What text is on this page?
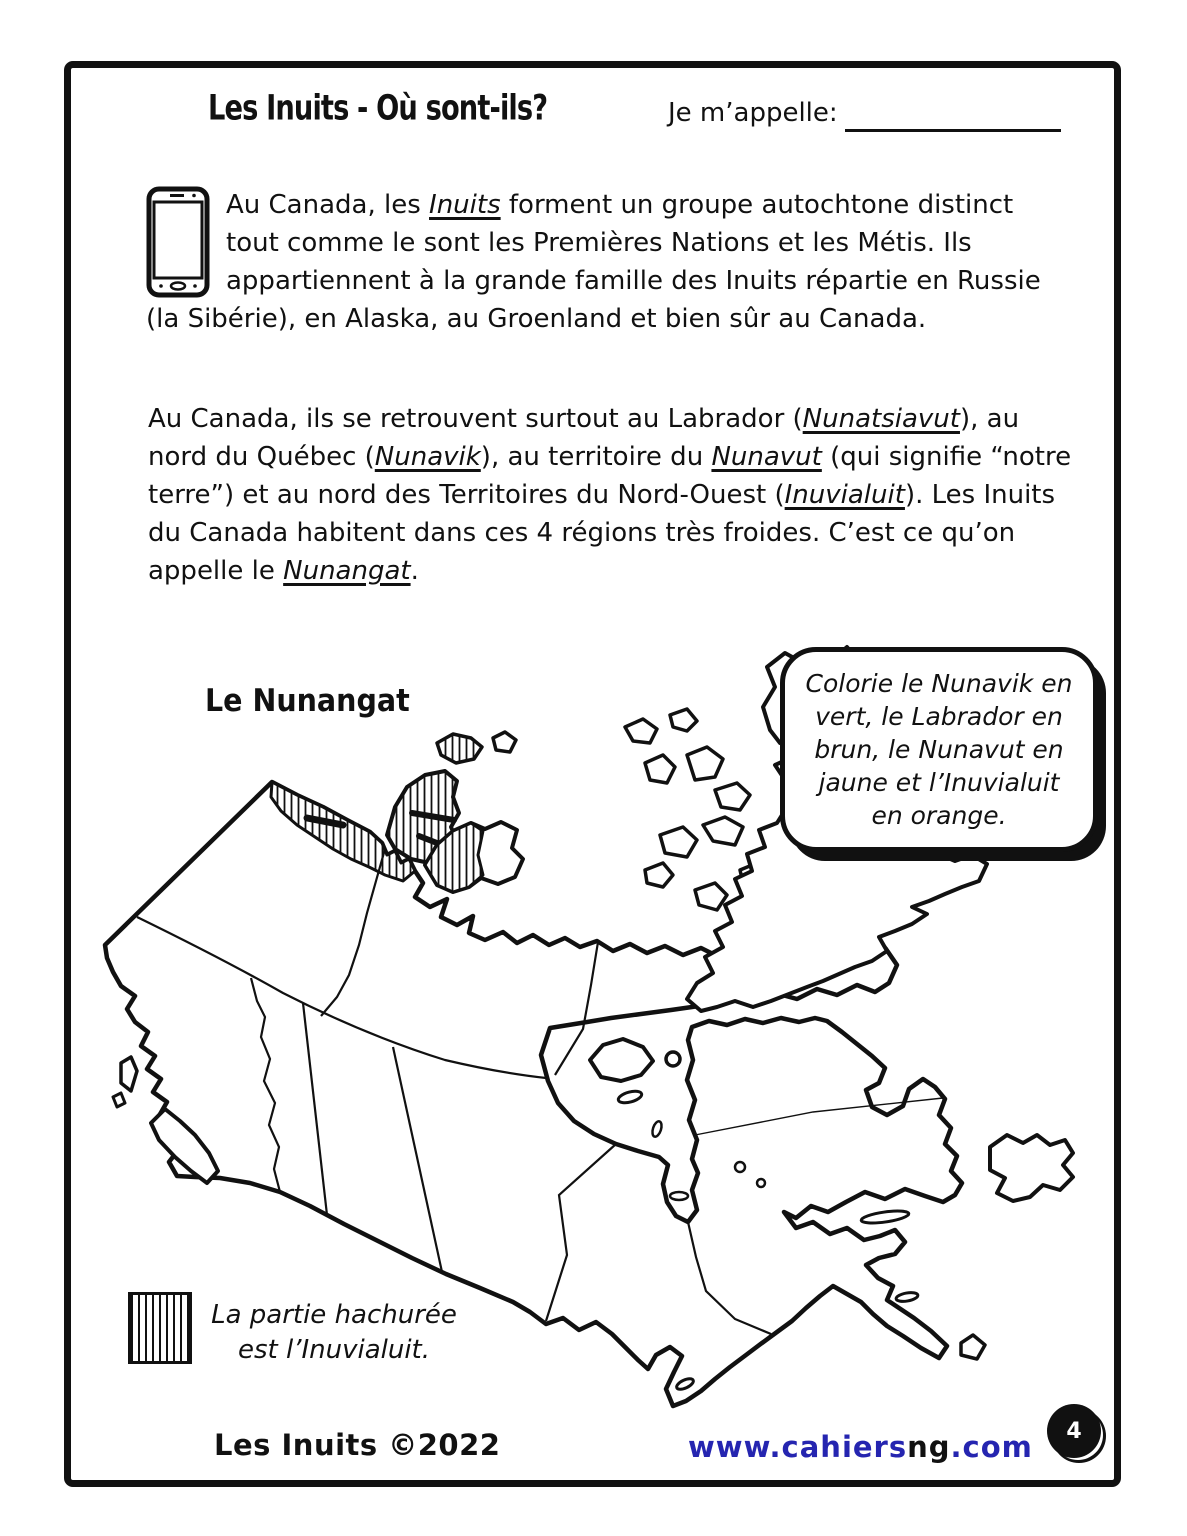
Les Inuits - Où sont-ils?	Je m’appelle:
Au Canada, les Inuits forment un groupe autochtone distinct tout comme le sont les Premières Nations et les Métis. Ils appartiennent à la grande famille des Inuits répartie en Russie (la Sibérie), en Alaska, au Groenland et bien sûr au Canada.
Au Canada, ils se retrouvent surtout au Labrador (Nunatsiavut), au nord du Québec (Nunavik), au territoire du Nunavut (qui signifie “notre terre”) et au nord des Territoires du Nord-Ouest (Inuvialuit). Les Inuits du Canada habitent dans ces 4 régions très froides. C’est ce qu’on appelle le Nunangat.
Le Nunangat	Colorie le Nunavik en vert, le Labrador en brun, le Nunavut en jaune et l’Inuvialuit en orange.
La partie hachurée
est l’Inuvialuit.
Les Inuits ©2022	www.cahiersng.com 4
